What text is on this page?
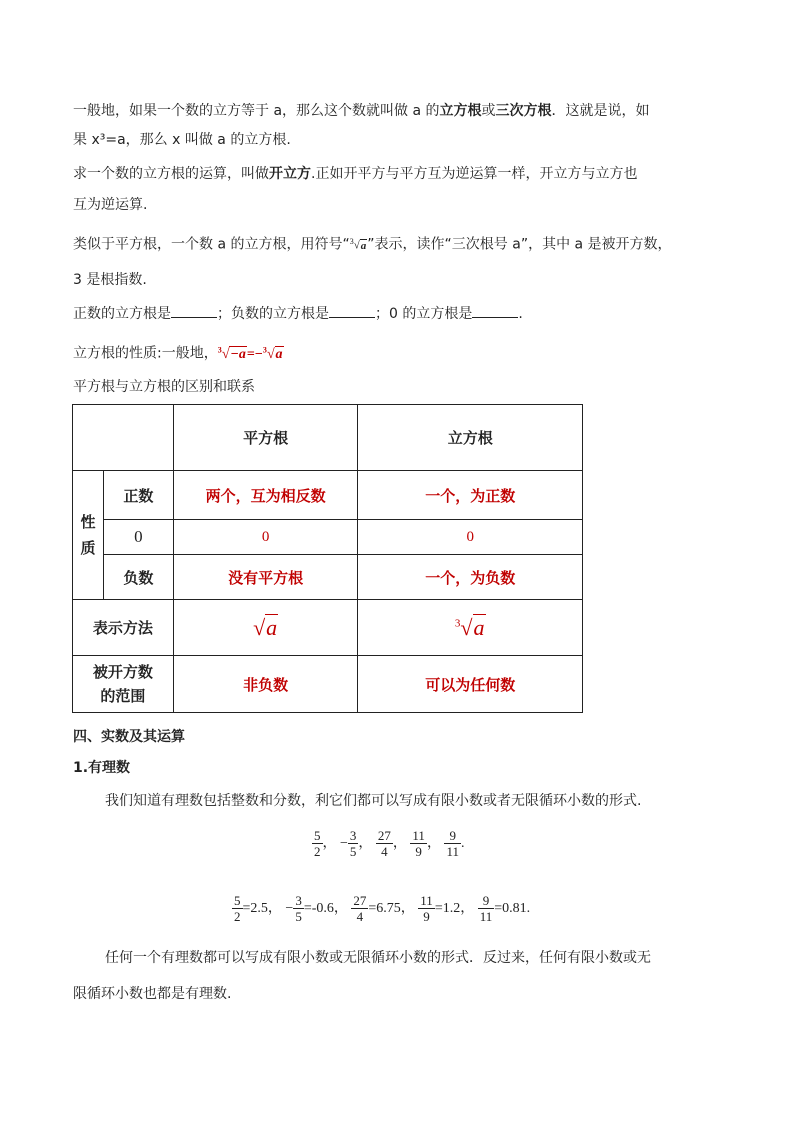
一般地，如果一个数的立方等于 a，那么这个数就叫做 a 的立方根或三次方根．这就是说，如
果 x³=a，那么 x 叫做 a 的立方根.
求一个数的立方根的运算，叫做开立方.正如开平方与平方互为逆运算一样，开立方与立方也
互为逆运算.
类似于平方根，一个数 a 的立方根，用符号“$^3$√a”表示，读作“三次根号 a”，其中 a 是被开方数，
3 是根指数.
正数的立方根是	；负数的立方根是	；0 的立方根是	.
立方根的性质:一般地，$^3$√−a=−$^3$√a
平方根与立方根的区别和联系
		平方根	立方根
性质	正数	两个，互为相反数	一个，为正数
	0	0	0
	负数	没有平方根	一个，为负数
表示方法		√a	$^3$√a
被开方数
的范围		非负数	可以为任何数
四、实数及其运算
1.有理数
我们知道有理数包括整数和分数，利它们都可以写成有限小数或者无限循环小数的形式.
$\frac{5}{2}$ ， − $\frac{3}{5}$ ， $\frac{27}{4}$ ， $\frac{11}{9}$ ， $\frac{9}{11}$ .
$\frac{5}{2} =2.5$， − $\frac{3}{5} =-0.6$， $\frac{27}{4} =6.75$， $\frac{11}{9} =1.2$， $\frac{9}{11} =0.81$.
任何一个有理数都可以写成有限小数或无限循环小数的形式．反过来，任何有限小数或无
限循环小数也都是有理数.
